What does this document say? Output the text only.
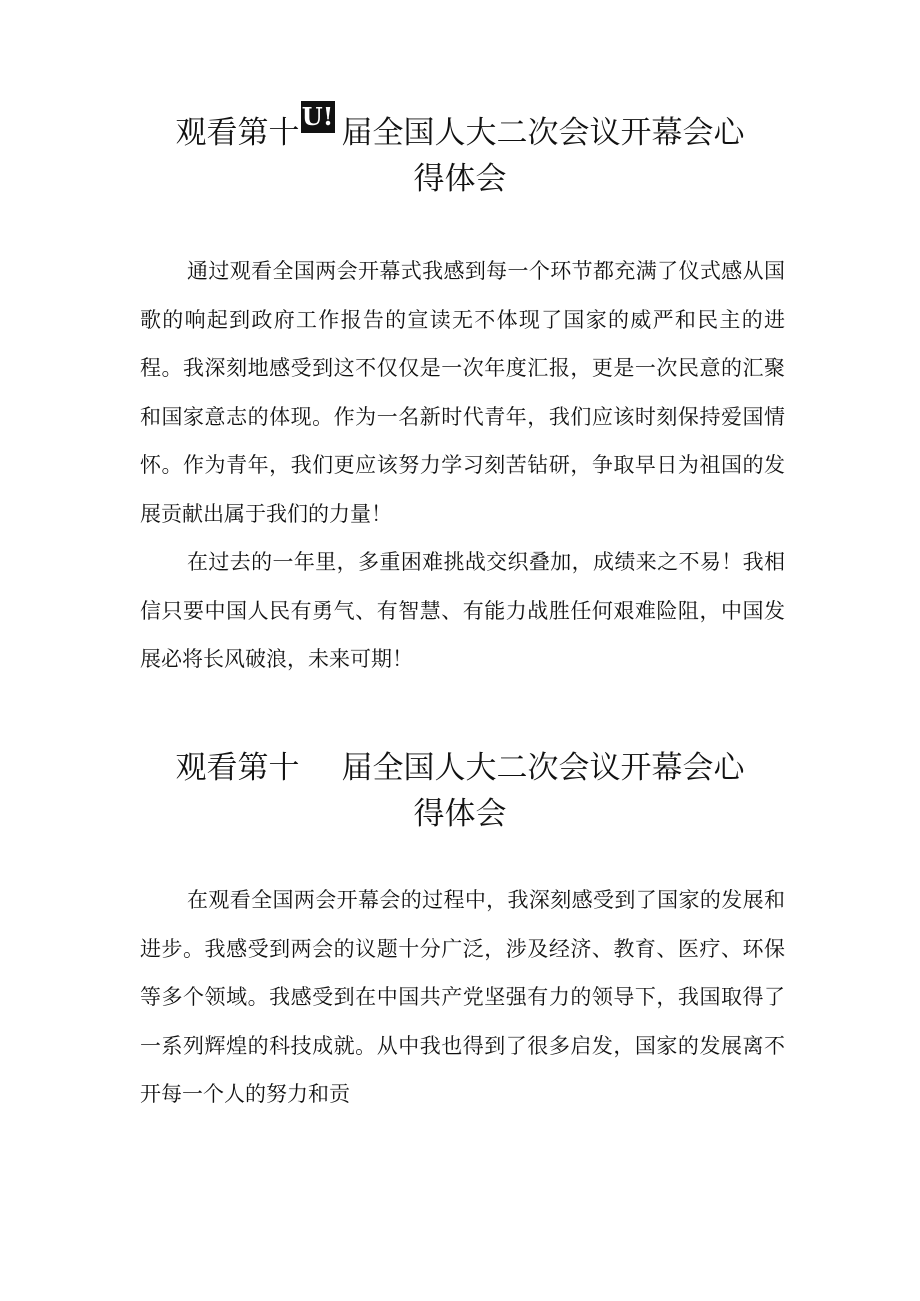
观看第十 U! 届全国人大二次会议开幕会心
得体会

通过观看全国两会开幕式我感到每一个环节都充满了仪式感从国歌的响起到政府工作报告的宣读无不体现了国家的威严和民主的进程。我深刻地感受到这不仅仅是一次年度汇报，更是一次民意的汇聚和国家意志的体现。作为一名新时代青年，我们应该时刻保持爱国情怀。作为青年，我们更应该努力学习刻苦钻研，争取早日为祖国的发展贡献出属于我们的力量！

在过去的一年里，多重困难挑战交织叠加，成绩来之不易！我相信只要中国人民有勇气、有智慧、有能力战胜任何艰难险阻，中国发展必将长风破浪，未来可期！

观看第十 届全国人大二次会议开幕会心
得体会

在观看全国两会开幕会的过程中，我深刻感受到了国家的发展和进步。我感受到两会的议题十分广泛，涉及经济、教育、医疗、环保等多个领域。我感受到在中国共产党坚强有力的领导下，我国取得了一系列辉煌的科技成就。从中我也得到了很多启发，国家的发展离不开每一个人的努力和贡
